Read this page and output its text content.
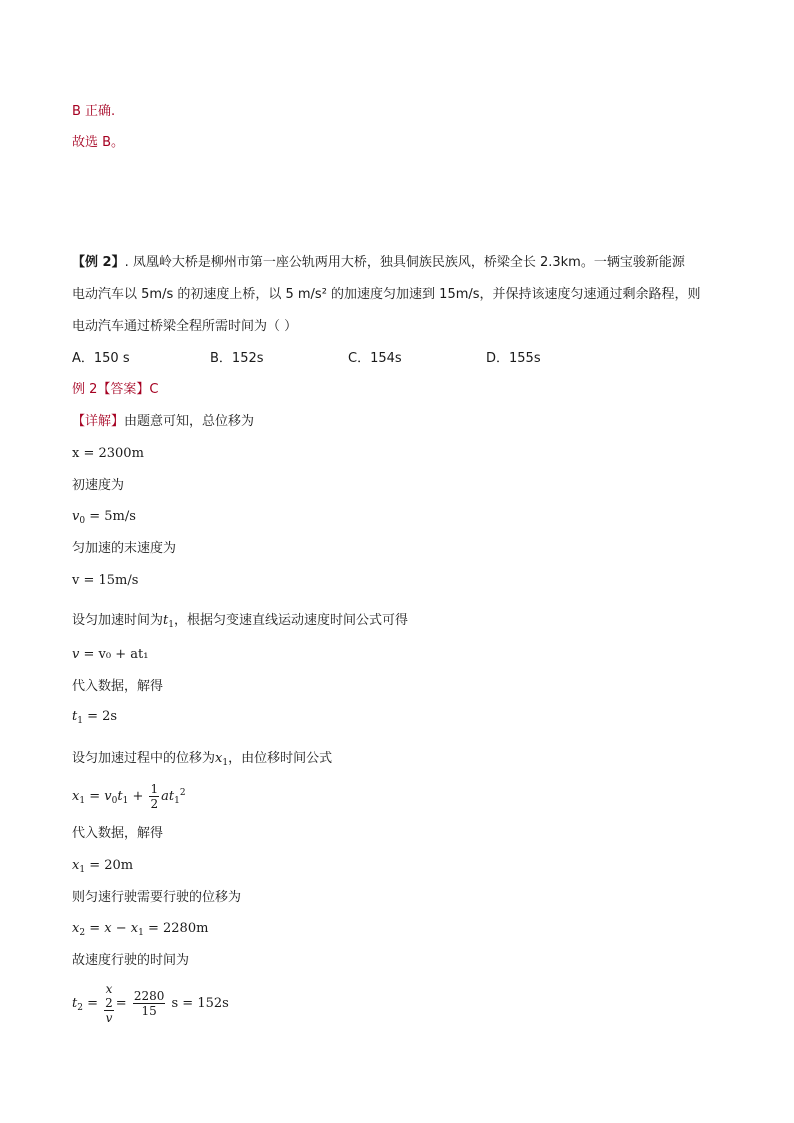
B 正确.
故选 B。
【例 2】. 凤凰岭大桥是柳州市第一座公轨两用大桥，独具侗族民族风，桥梁全长 2.3km。一辆宝骏新能源
电动汽车以 5m/s 的初速度上桥，以 5 m/s² 的加速度匀加速到 15m/s，并保持该速度匀速通过剩余路程，则
电动汽车通过桥梁全程所需时间为（ ）
A．150 s	B．152s	C．154s	D．155s
例 2【答案】C
【详解】由题意可知，总位移为
x = 2300m
初速度为
$v_0 = 5m/s$
匀加速的末速度为
v = 15m/s
设匀加速时间为$t_1$，根据匀变速直线运动速度时间公式可得
v = v₀ + at₁
代入数据，解得
$t_1 = 2s$
设匀加速过程中的位移为$x_1$，由位移时间公式
$x_1 = v_0t_1 + \frac{1}{2} at_1^2$
代入数据，解得
$x_1 = 20m$
则匀速行驶需要行驶的位移为
$x_2 = x - x_1 = 2280m$
故速度行驶的时间为
$t_2 = x$
2
$v = \frac{2280}{15}$ s = 152s
